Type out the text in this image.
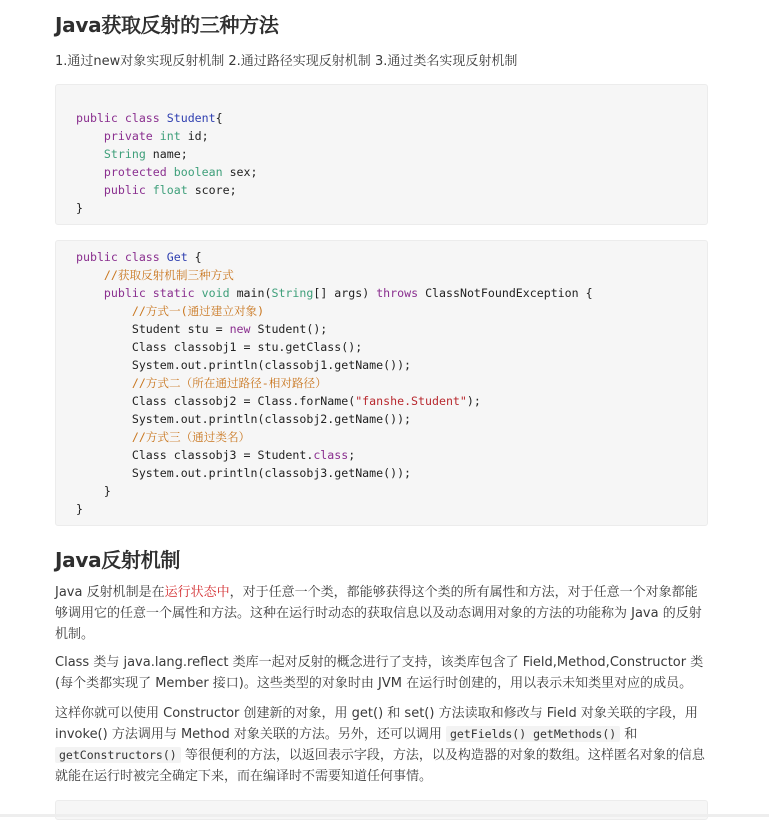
Java获取反射的三种方法
1.通过new对象实现反射机制 2.通过路径实现反射机制 3.通过类名实现反射机制
public class Student{
private int id;
String name;
protected boolean sex;
public float score;
}
public class Get {
//获取反射机制三种方式
public static void main(String[] args) throws ClassNotFoundException {
//方式一(通过建立对象)
Student stu = new Student();
Class classobj1 = stu.getClass();
System.out.println(classobj1.getName());
//方式二（所在通过路径-相对路径）
Class classobj2 = Class.forName("fanshe.Student");
System.out.println(classobj2.getName());
//方式三（通过类名）
Class classobj3 = Student.class;
System.out.println(classobj3.getName());
}
}
Java反射机制

Java 反射机制是在运行状态中，对于任意一个类，都能够获得这个类的所有属性和方法，对于任意一个对象都能够调用它的任意一个属性和方法。这种在运行时动态的获取信息以及动态调用对象的方法的功能称为 Java 的反射机制。

Class 类与 java.lang.reflect 类库一起对反射的概念进行了支持，该类库包含了 Field,Method,Constructor 类 (每个类都实现了 Member 接口)。这些类型的对象时由 JVM 在运行时创建的，用以表示未知类里对应的成员。

这样你就可以使用 Constructor 创建新的对象，用 get() 和 set() 方法读取和修改与 Field 对象关联的字段，用 invoke() 方法调用与 Method 对象关联的方法。另外，还可以调用 getFields() getMethods() 和
getConstructors() 等很便利的方法，以返回表示字段，方法，以及构造器的对象的数组。这样匿名对象的信息就能在运行时被完全确定下来，而在编译时不需要知道任何事情。
